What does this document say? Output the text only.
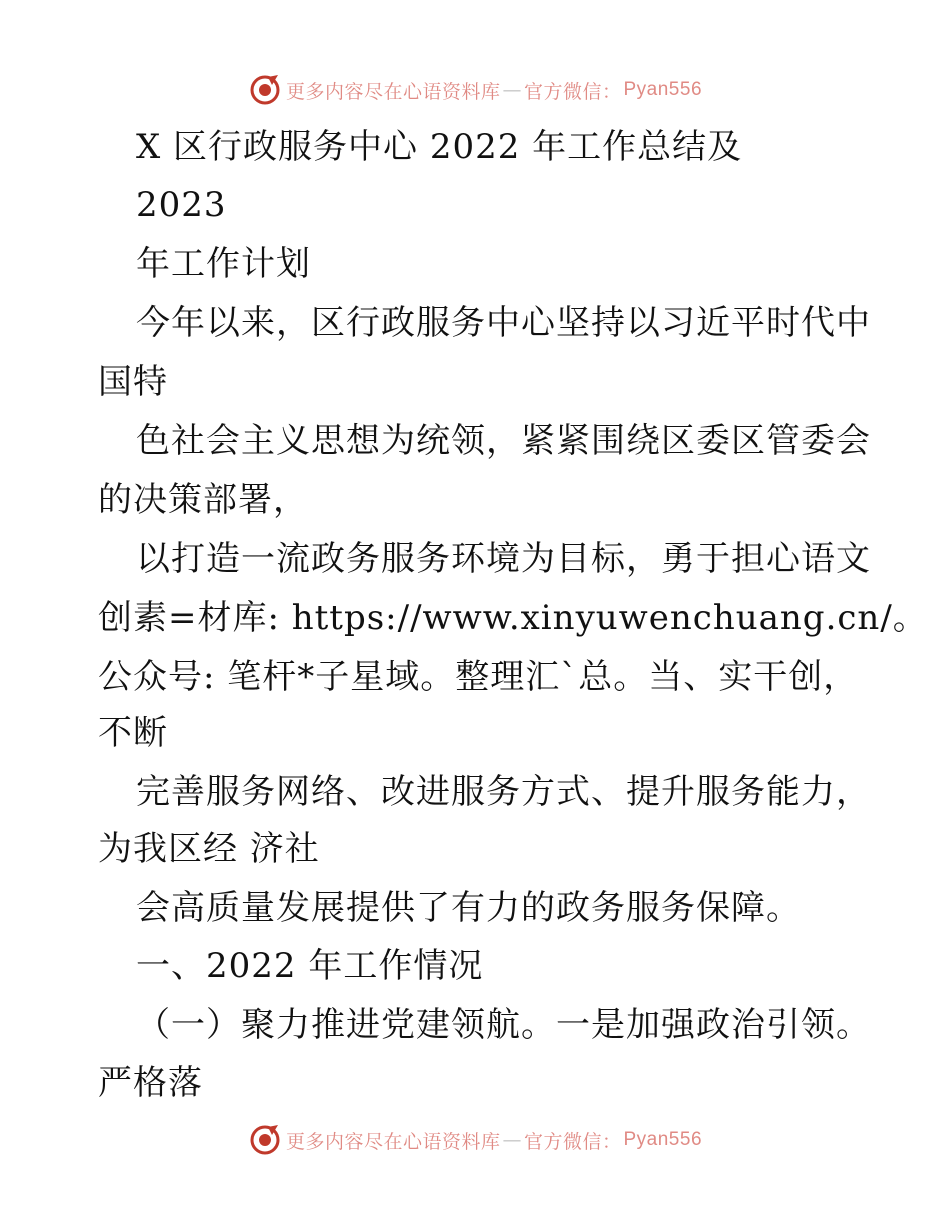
更多内容尽在心语资料库 — 官方微信： Pyan556
X 区行政服务中心 2022 年工作总结及
2023
年工作计划
今年以来，区行政服务中心坚持以习近平时代中
国特
色社会主义思想为统领，紧紧围绕区委区管委会
的决策部署，
以打造一流政务服务环境为目标，勇于担心语文
创素=材库: https://www.xinyuwenchuang.cn/。
公众号: 笔杆*子星域。整理汇`总。当、实干创，
不断
完善服务网络、改进服务方式、提升服务能力，
为我区经 济社
会高质量发展提供了有力的政务服务保障。
一、2022 年工作情况
（一）聚力推进党建领航。一是加强政治引领。
严格落
更多内容尽在心语资料库 — 官方微信： Pyan556
